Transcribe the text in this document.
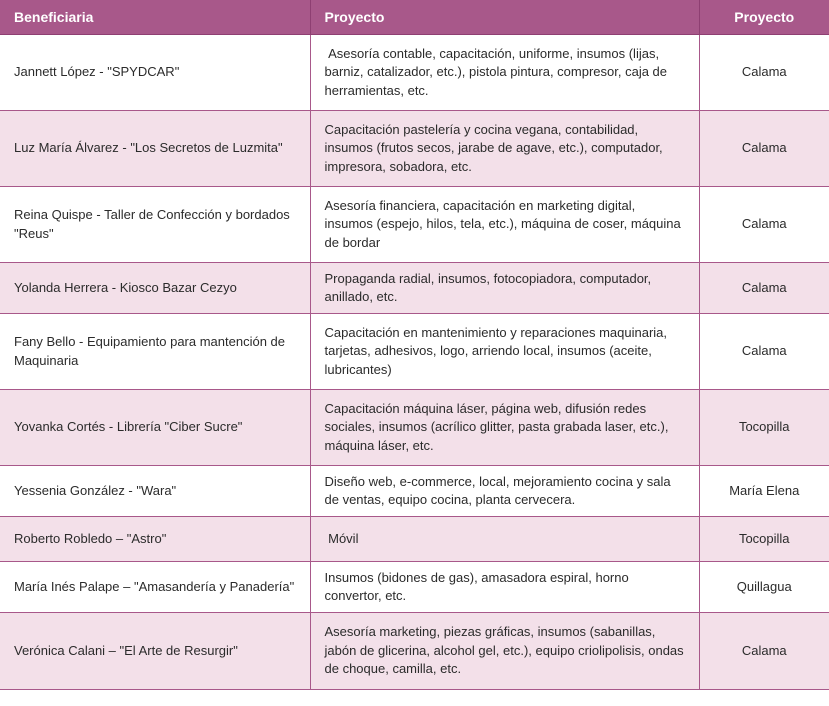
Beneficiaria	Proyecto	Proyecto
Jannett López - "SPYDCAR"	Asesoría contable, capacitación, uniforme, insumos (lijas, barniz, catalizador, etc.), pistola pintura, compresor, caja de herramientas, etc.	Calama
Luz María Álvarez - "Los Secretos de Luzmita"	Capacitación pastelería y cocina vegana, contabilidad, insumos (frutos secos, jarabe de agave, etc.), computador, impresora, sobadora, etc.	Calama
Reina Quispe - Taller de Confección y bordados "Reus"	Asesoría financiera, capacitación en marketing digital, insumos (espejo, hilos, tela, etc.), máquina de coser, máquina de bordar	Calama
Yolanda Herrera - Kiosco Bazar Cezyo	Propaganda radial, insumos, fotocopiadora, computador, anillado, etc.	Calama
Fany Bello - Equipamiento para mantención de Maquinaria	Capacitación en mantenimiento y reparaciones maquinaria, tarjetas, adhesivos, logo, arriendo local, insumos (aceite, lubricantes)	Calama
Yovanka Cortés - Librería "Ciber Sucre"	Capacitación máquina láser, página web, difusión redes sociales, insumos (acrílico glitter, pasta grabada laser, etc.), máquina láser, etc.	Tocopilla
Yessenia González - "Wara"	Diseño web, e-commerce, local, mejoramiento cocina y sala de ventas, equipo cocina, planta cervecera.	María Elena
Roberto Robledo – "Astro"	Móvil	Tocopilla
María Inés Palape – "Amasandería y Panadería"	Insumos (bidones de gas), amasadora espiral, horno convertor, etc.	Quillagua
Verónica Calani – "El Arte de Resurgir"	Asesoría marketing, piezas gráficas, insumos (sabanillas, jabón de glicerina, alcohol gel, etc.), equipo criolipolisis, ondas de choque, camilla, etc.	Calama
